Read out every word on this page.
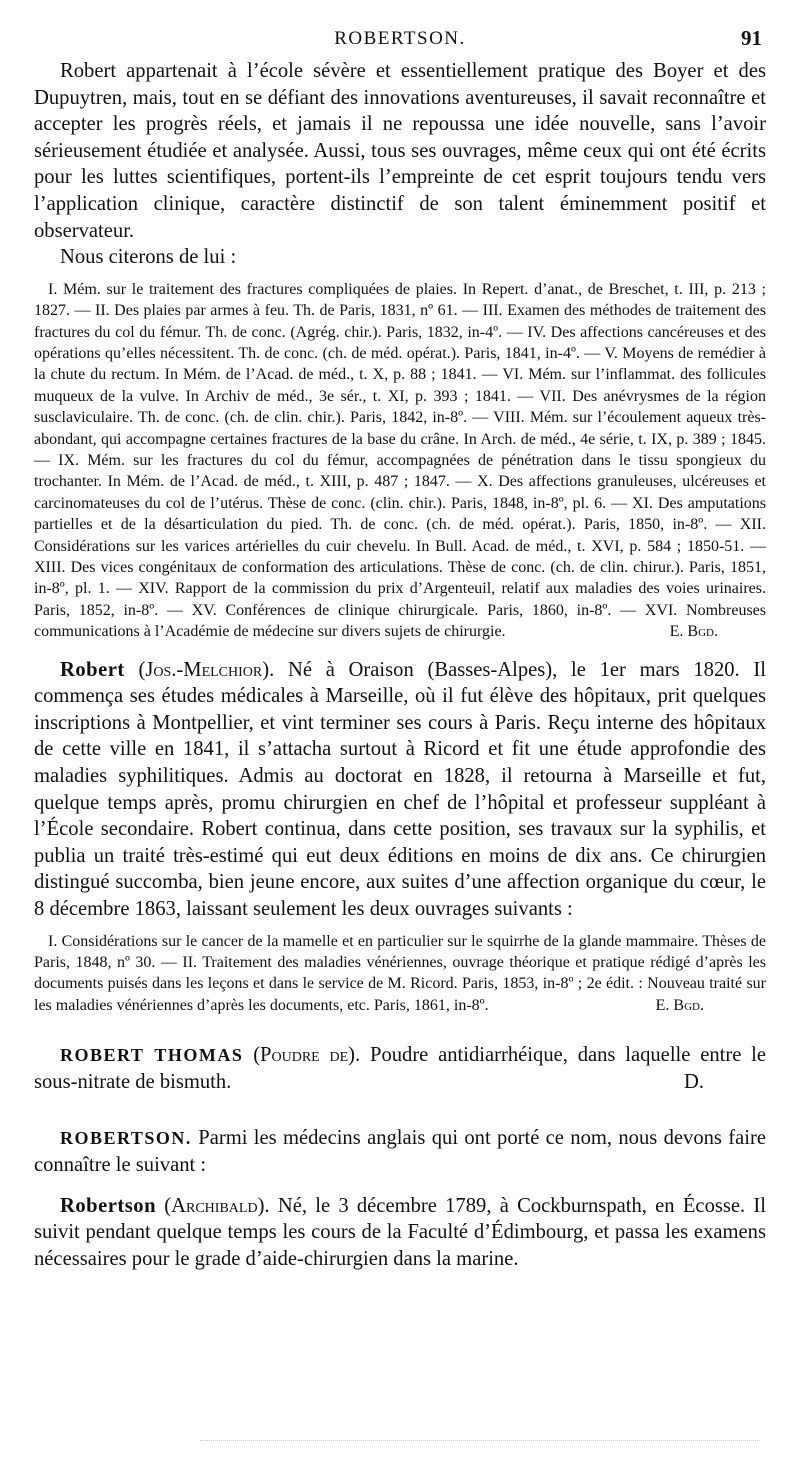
ROBERTSON.	91

Robert appartenait à l’école sévère et essentiellement pratique des Boyer et des Dupuytren, mais, tout en se défiant des innovations aventureuses, il savait reconnaître et accepter les progrès réels, et jamais il ne repoussa une idée nouvelle, sans l’avoir sérieusement étudiée et analysée. Aussi, tous ses ouvrages, même ceux qui ont été écrits pour les luttes scientifiques, portent-ils l’empreinte de cet esprit toujours tendu vers l’application clinique, caractère distinctif de son talent éminemment positif et observateur.

Nous citerons de lui :

I. Mém. sur le traitement des fractures compliquées de plaies. In Repert. d’anat., de Breschet, t. III, p. 213 ; 1827. — II. Des plaies par armes à feu. Th. de Paris, 1831, nº 61. — III. Examen des méthodes de traitement des fractures du col du fémur. Th. de conc. (Agrég. chir.). Paris, 1832, in-4º. — IV. Des affections cancéreuses et des opérations qu’elles nécessitent. Th. de conc. (ch. de méd. opérat.). Paris, 1841, in-4º. — V. Moyens de remédier à la chute du rectum. In Mém. de l’Acad. de méd., t. X, p. 88 ; 1841. — VI. Mém. sur l’inflammat. des follicules muqueux de la vulve. In Archiv de méd., 3e sér., t. XI, p. 393 ; 1841. — VII. Des anévrysmes de la région susclaviculaire. Th. de conc. (ch. de clin. chir.). Paris, 1842, in-8º. — VIII. Mém. sur l’écoulement aqueux très-abondant, qui accompagne certaines fractures de la base du crâne. In Arch. de méd., 4e série, t. IX, p. 389 ; 1845. — IX. Mém. sur les fractures du col du fémur, accompagnées de pénétration dans le tissu spongieux du trochanter. In Mém. de l’Acad. de méd., t. XIII, p. 487 ; 1847. — X. Des affections granuleuses, ulcéreuses et carcinomateuses du col de l’utérus. Thèse de conc. (clin. chir.). Paris, 1848, in-8º, pl. 6. — XI. Des amputations partielles et de la désarticulation du pied. Th. de conc. (ch. de méd. opérat.). Paris, 1850, in-8º. — XII. Considérations sur les varices artérielles du cuir chevelu. In Bull. Acad. de méd., t. XVI, p. 584 ; 1850-51. — XIII. Des vices congénitaux de conformation des articulations. Thèse de conc. (ch. de clin. chirur.). Paris, 1851, in-8º, pl. 1. — XIV. Rapport de la commission du prix d’Argenteuil, relatif aux maladies des voies urinaires. Paris, 1852, in-8º. — XV. Conférences de clinique chirurgicale. Paris, 1860, in-8º. — XVI. Nombreuses communications à l’Académie de médecine sur divers sujets de chirurgie.	E. Bgd.

Robert (Jos.-Melchior). Né à Oraison (Basses-Alpes), le 1er mars 1820. Il commença ses études médicales à Marseille, où il fut élève des hôpitaux, prit quelques inscriptions à Montpellier, et vint terminer ses cours à Paris. Reçu interne des hôpitaux de cette ville en 1841, il s’attacha surtout à Ricord et fit une étude approfondie des maladies syphilitiques. Admis au doctorat en 1828, il retourna à Marseille et fut, quelque temps après, promu chirurgien en chef de l’hôpital et professeur suppléant à l’École secondaire. Robert continua, dans cette position, ses travaux sur la syphilis, et publia un traité très-estimé qui eut deux éditions en moins de dix ans. Ce chirurgien distingué succomba, bien jeune encore, aux suites d’une affection organique du cœur, le 8 décembre 1863, laissant seulement les deux ouvrages suivants :

I. Considérations sur le cancer de la mamelle et en particulier sur le squirrhe de la glande mammaire. Thèses de Paris, 1848, nº 30. — II. Traitement des maladies vénériennes, ouvrage théorique et pratique rédigé d’après les documents puisés dans les leçons et dans le service de M. Ricord. Paris, 1853, in-8º ; 2e édit. : Nouveau traité sur les maladies vénériennes d’après les documents, etc. Paris, 1861, in-8º.	E. Bgd.

ROBERT THOMAS (Poudre de). Poudre antidiarrhéique, dans laquelle entre le sous-nitrate de bismuth.	D.

ROBERTSON. Parmi les médecins anglais qui ont porté ce nom, nous devons faire connaître le suivant :

Robertson (Archibald). Né, le 3 décembre 1789, à Cockburnspath, en Écosse. Il suivit pendant quelque temps les cours de la Faculté d’Édimbourg, et passa les examens nécessaires pour le grade d’aide-chirurgien dans la marine.
